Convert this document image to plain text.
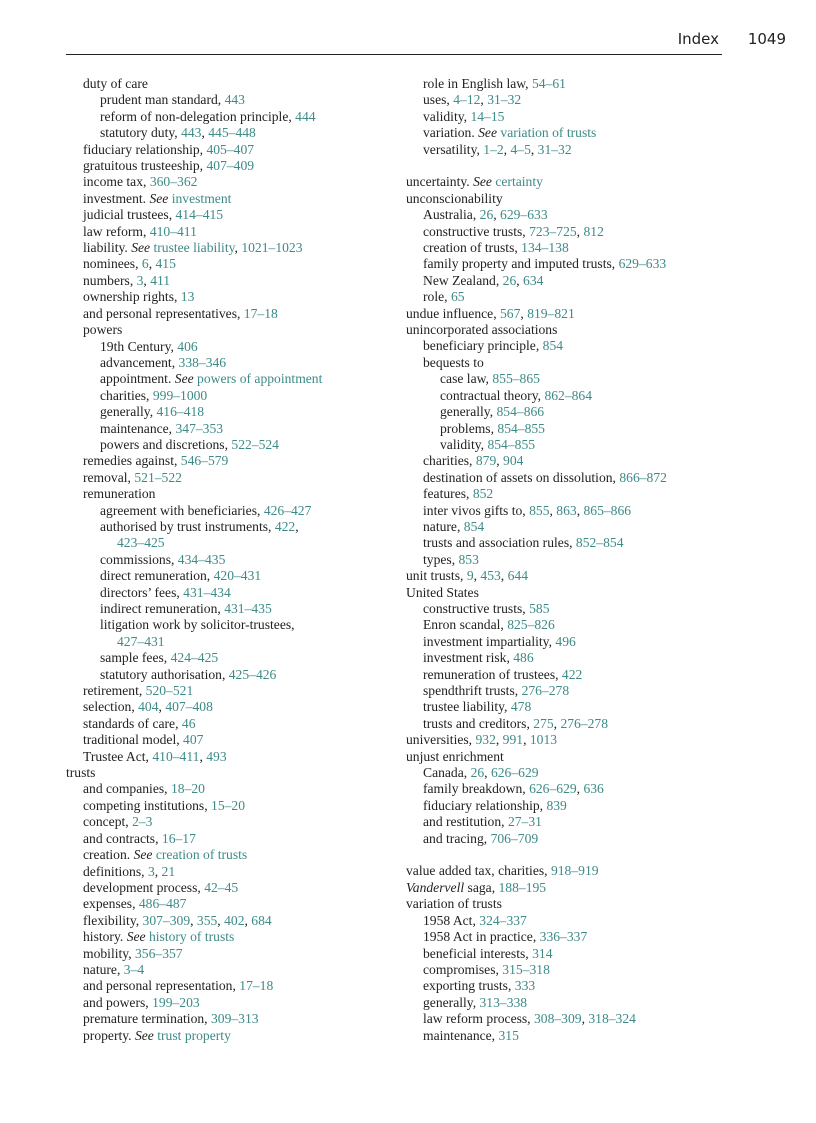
Index 1049
duty of care
prudent man standard, 443
reform of non-delegation principle, 444
statutory duty, 443, 445–448
fiduciary relationship, 405–407
gratuitous trusteeship, 407–409
income tax, 360–362
investment. See investment
judicial trustees, 414–415
law reform, 410–411
liability. See trustee liability, 1021–1023
nominees, 6, 415
numbers, 3, 411
ownership rights, 13
and personal representatives, 17–18
powers
19th Century, 406
advancement, 338–346
appointment. See powers of appointment
charities, 999–1000
generally, 416–418
maintenance, 347–353
powers and discretions, 522–524
remedies against, 546–579
removal, 521–522
remuneration
agreement with beneficiaries, 426–427
authorised by trust instruments, 422,
423–425
commissions, 434–435
direct remuneration, 420–431
directors’ fees, 431–434
indirect remuneration, 431–435
litigation work by solicitor-trustees,
427–431
sample fees, 424–425
statutory authorisation, 425–426
retirement, 520–521
selection, 404, 407–408
standards of care, 46
traditional model, 407
Trustee Act, 410–411, 493
trusts
and companies, 18–20
competing institutions, 15–20
concept, 2–3
and contracts, 16–17
creation. See creation of trusts
definitions, 3, 21
development process, 42–45
expenses, 486–487
flexibility, 307–309, 355, 402, 684
history. See history of trusts
mobility, 356–357
nature, 3–4
and personal representation, 17–18
and powers, 199–203
premature termination, 309–313
property. See trust property
role in English law, 54–61
uses, 4–12, 31–32
validity, 14–15
variation. See variation of trusts
versatility, 1–2, 4–5, 31–32
uncertainty. See certainty
unconscionability
Australia, 26, 629–633
constructive trusts, 723–725, 812
creation of trusts, 134–138
family property and imputed trusts, 629–633
New Zealand, 26, 634
role, 65
undue influence, 567, 819–821
unincorporated associations
beneficiary principle, 854
bequests to
case law, 855–865
contractual theory, 862–864
generally, 854–866
problems, 854–855
validity, 854–855
charities, 879, 904
destination of assets on dissolution, 866–872
features, 852
inter vivos gifts to, 855, 863, 865–866
nature, 854
trusts and association rules, 852–854
types, 853
unit trusts, 9, 453, 644
United States
constructive trusts, 585
Enron scandal, 825–826
investment impartiality, 496
investment risk, 486
remuneration of trustees, 422
spendthrift trusts, 276–278
trustee liability, 478
trusts and creditors, 275, 276–278
universities, 932, 991, 1013
unjust enrichment
Canada, 26, 626–629
family breakdown, 626–629, 636
fiduciary relationship, 839
and restitution, 27–31
and tracing, 706–709
value added tax, charities, 918–919
Vandervell saga, 188–195
variation of trusts
1958 Act, 324–337
1958 Act in practice, 336–337
beneficial interests, 314
compromises, 315–318
exporting trusts, 333
generally, 313–338
law reform process, 308–309, 318–324
maintenance, 315
